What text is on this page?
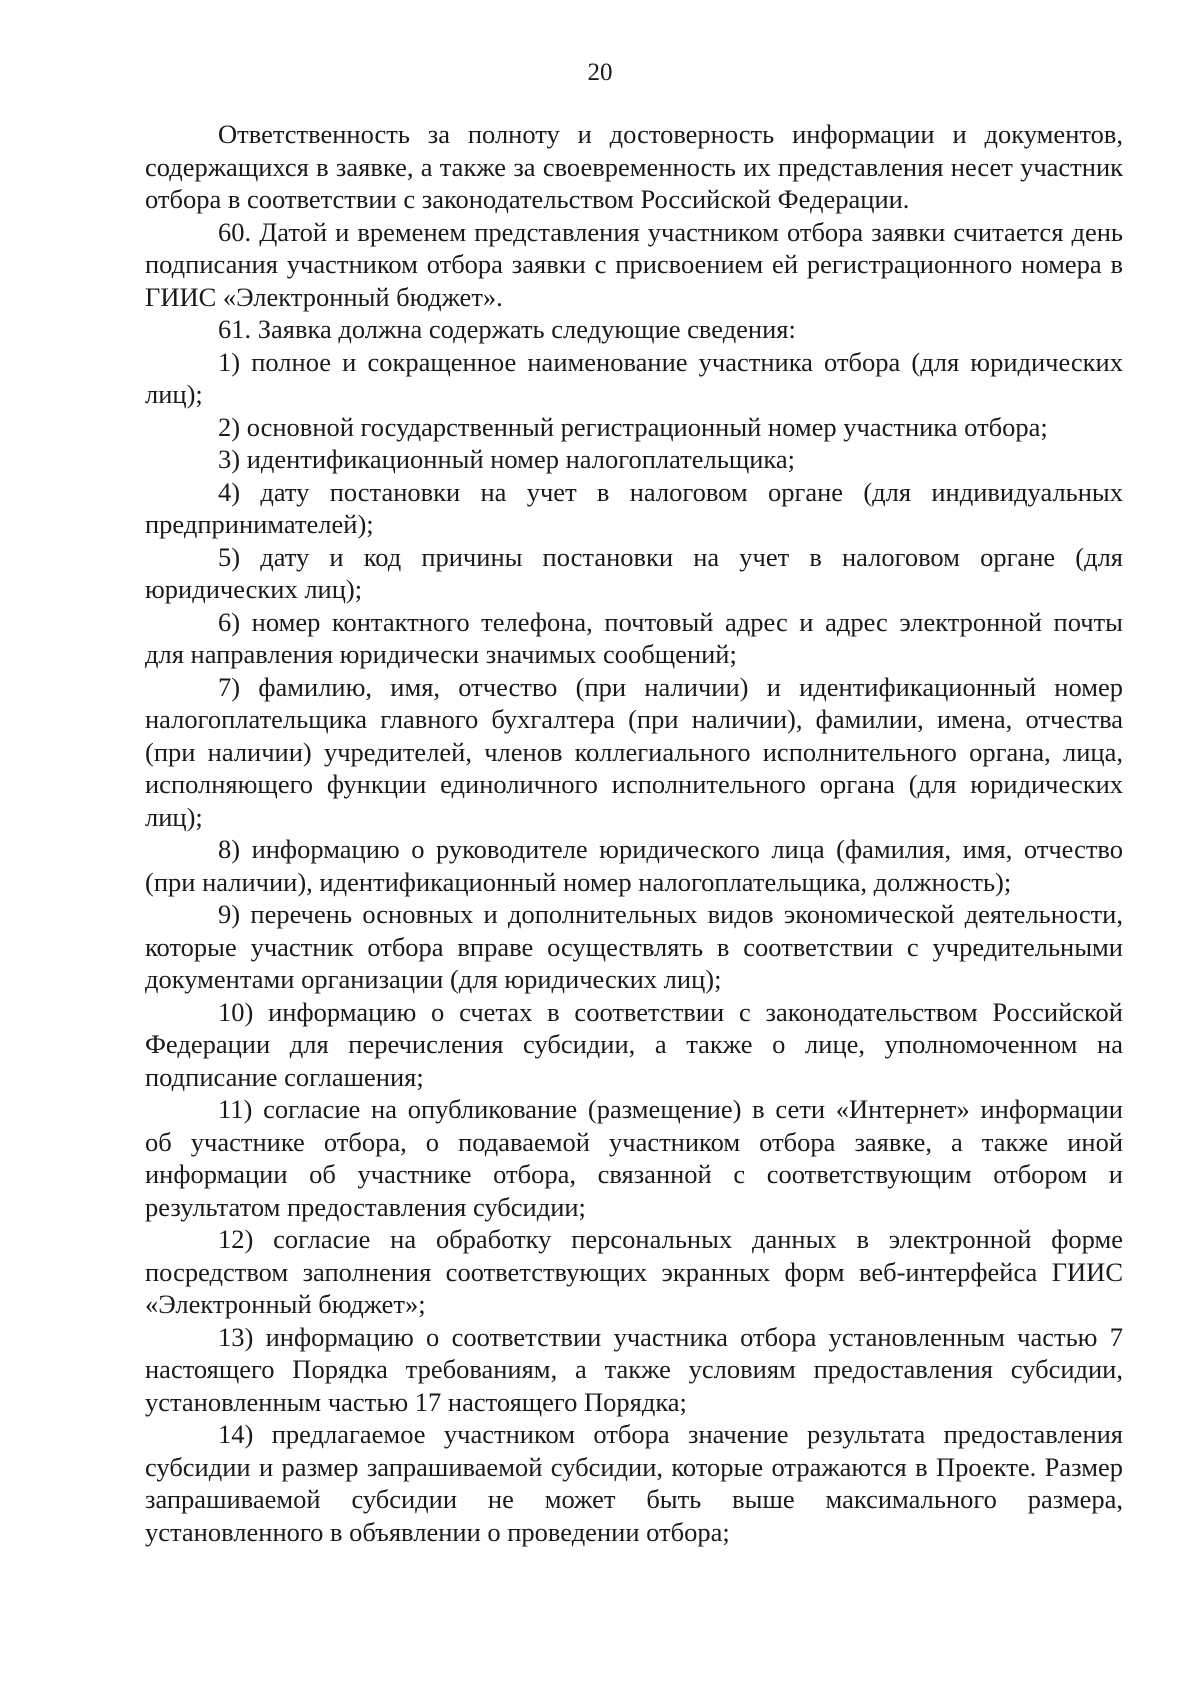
20

Ответственность за полноту и достоверность информации и документов, содержащихся в заявке, а также за своевременность их представления несет участник отбора в соответствии с законодательством Российской Федерации.

60. Датой и временем представления участником отбора заявки считается день подписания участником отбора заявки с присвоением ей регистрационного номера в ГИИС «Электронный бюджет».

61. Заявка должна содержать следующие сведения:

1) полное и сокращенное наименование участника отбора (для юридических лиц);

2) основной государственный регистрационный номер участника отбора;

3) идентификационный номер налогоплательщика;

4) дату постановки на учет в налоговом органе (для индивидуальных предпринимателей);

5) дату и код причины постановки на учет в налоговом органе (для юридических лиц);

6) номер контактного телефона, почтовый адрес и адрес электронной почты для направления юридически значимых сообщений;

7) фамилию, имя, отчество (при наличии) и идентификационный номер налогоплательщика главного бухгалтера (при наличии), фамилии, имена, отчества (при наличии) учредителей, членов коллегиального исполнительного органа, лица, исполняющего функции единоличного исполнительного органа (для юридических лиц);

8) информацию о руководителе юридического лица (фамилия, имя, отчество (при наличии), идентификационный номер налогоплательщика, должность);

9) перечень основных и дополнительных видов экономической деятельности, которые участник отбора вправе осуществлять в соответствии с учредительными документами организации (для юридических лиц);

10) информацию о счетах в соответствии с законодательством Российской Федерации для перечисления субсидии, а также о лице, уполномоченном на подписание соглашения;

11) согласие на опубликование (размещение) в сети «Интернет» информации об участнике отбора, о подаваемой участником отбора заявке, а также иной информации об участнике отбора, связанной с соответствующим отбором и результатом предоставления субсидии;

12) согласие на обработку персональных данных в электронной форме посредством заполнения соответствующих экранных форм веб-интерфейса ГИИС «Электронный бюджет»;

13) информацию о соответствии участника отбора установленным частью 7 настоящего Порядка требованиям, а также условиям предоставления субсидии, установленным частью 17 настоящего Порядка;

14) предлагаемое участником отбора значение результата предоставления субсидии и размер запрашиваемой субсидии, которые отражаются в Проекте. Размер запрашиваемой субсидии не может быть выше максимального размера, установленного в объявлении о проведении отбора;
